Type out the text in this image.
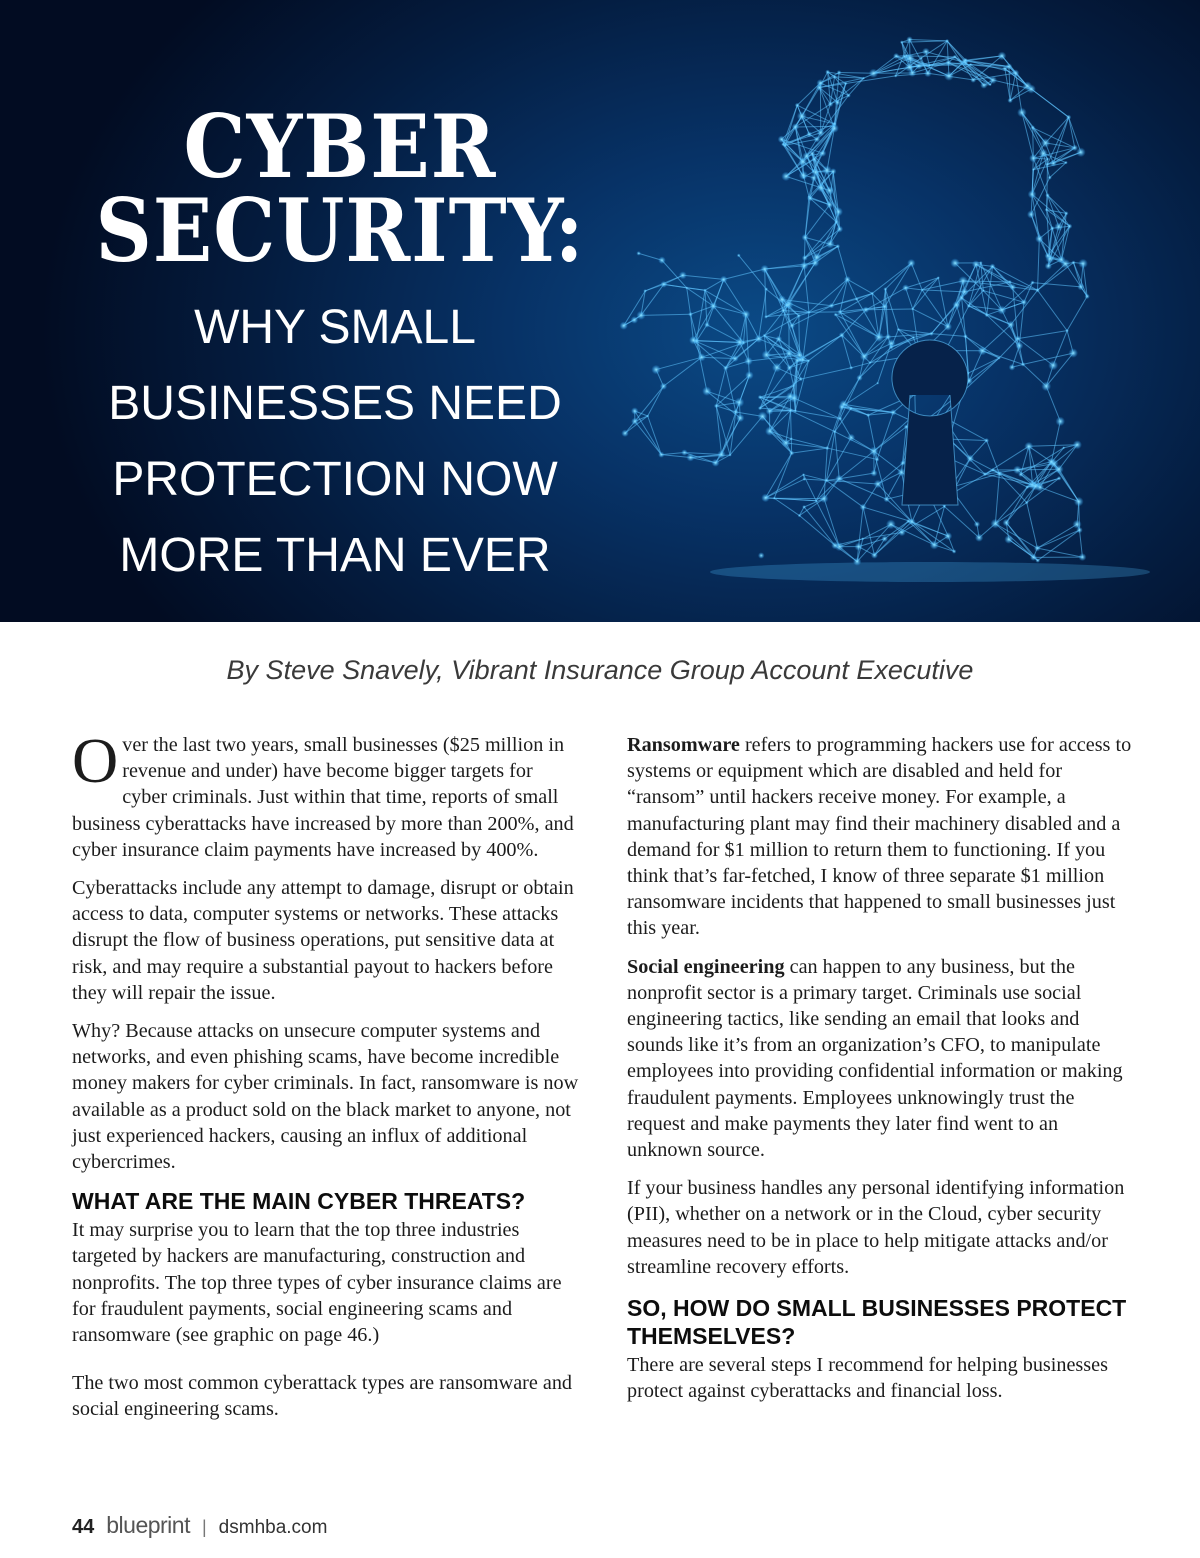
CYBER
SECURITY:
WHY SMALL
BUSINESSES NEED
PROTECTION NOW
MORE THAN EVER
By Steve Snavely, Vibrant Insurance Group Account Executive

Over the last two years, small businesses ($25 million in revenue and under) have become bigger targets for cyber criminals. Just within that time, reports of small business cyberattacks have increased by more than 200%, and cyber insurance claim payments have increased by 400%.

Cyberattacks include any attempt to damage, disrupt or obtain access to data, computer systems or networks. These attacks disrupt the flow of business operations, put sensitive data at risk, and may require a substantial payout to hackers before they will repair the issue.

Why? Because attacks on unsecure computer systems and networks, and even phishing scams, have become incredible money makers for cyber criminals. In fact, ransomware is now available as a product sold on the black market to anyone, not just experienced hackers, causing an influx of additional cybercrimes.

WHAT ARE THE MAIN CYBER THREATS?

It may surprise you to learn that the top three industries targeted by hackers are manufacturing, construction and nonprofits. The top three types of cyber insurance claims are for fraudulent payments, social engineering scams and ransomware (see graphic on page 46.)

The two most common cyberattack types are ransomware and social engineering scams.

Ransomware refers to programming hackers use for access to systems or equipment which are disabled and held for “ransom” until hackers receive money. For example, a manufacturing plant may find their machinery disabled and a demand for $1 million to return them to functioning. If you think that’s far-fetched, I know of three separate $1 million ransomware incidents that happened to small businesses just this year.

Social engineering can happen to any business, but the nonprofit sector is a primary target. Criminals use social engineering tactics, like sending an email that looks and sounds like it’s from an organization’s CFO, to manipulate employees into providing confidential information or making fraudulent payments. Employees unknowingly trust the request and make payments they later find went to an unknown source.

If your business handles any personal identifying information (PII), whether on a network or in the Cloud, cyber security measures need to be in place to help mitigate attacks and/or streamline recovery efforts.

SO, HOW DO SMALL BUSINESSES PROTECT THEMSELVES?

There are several steps I recommend for helping businesses protect against cyberattacks and financial loss.

44 blueprint | dsmhba.com
